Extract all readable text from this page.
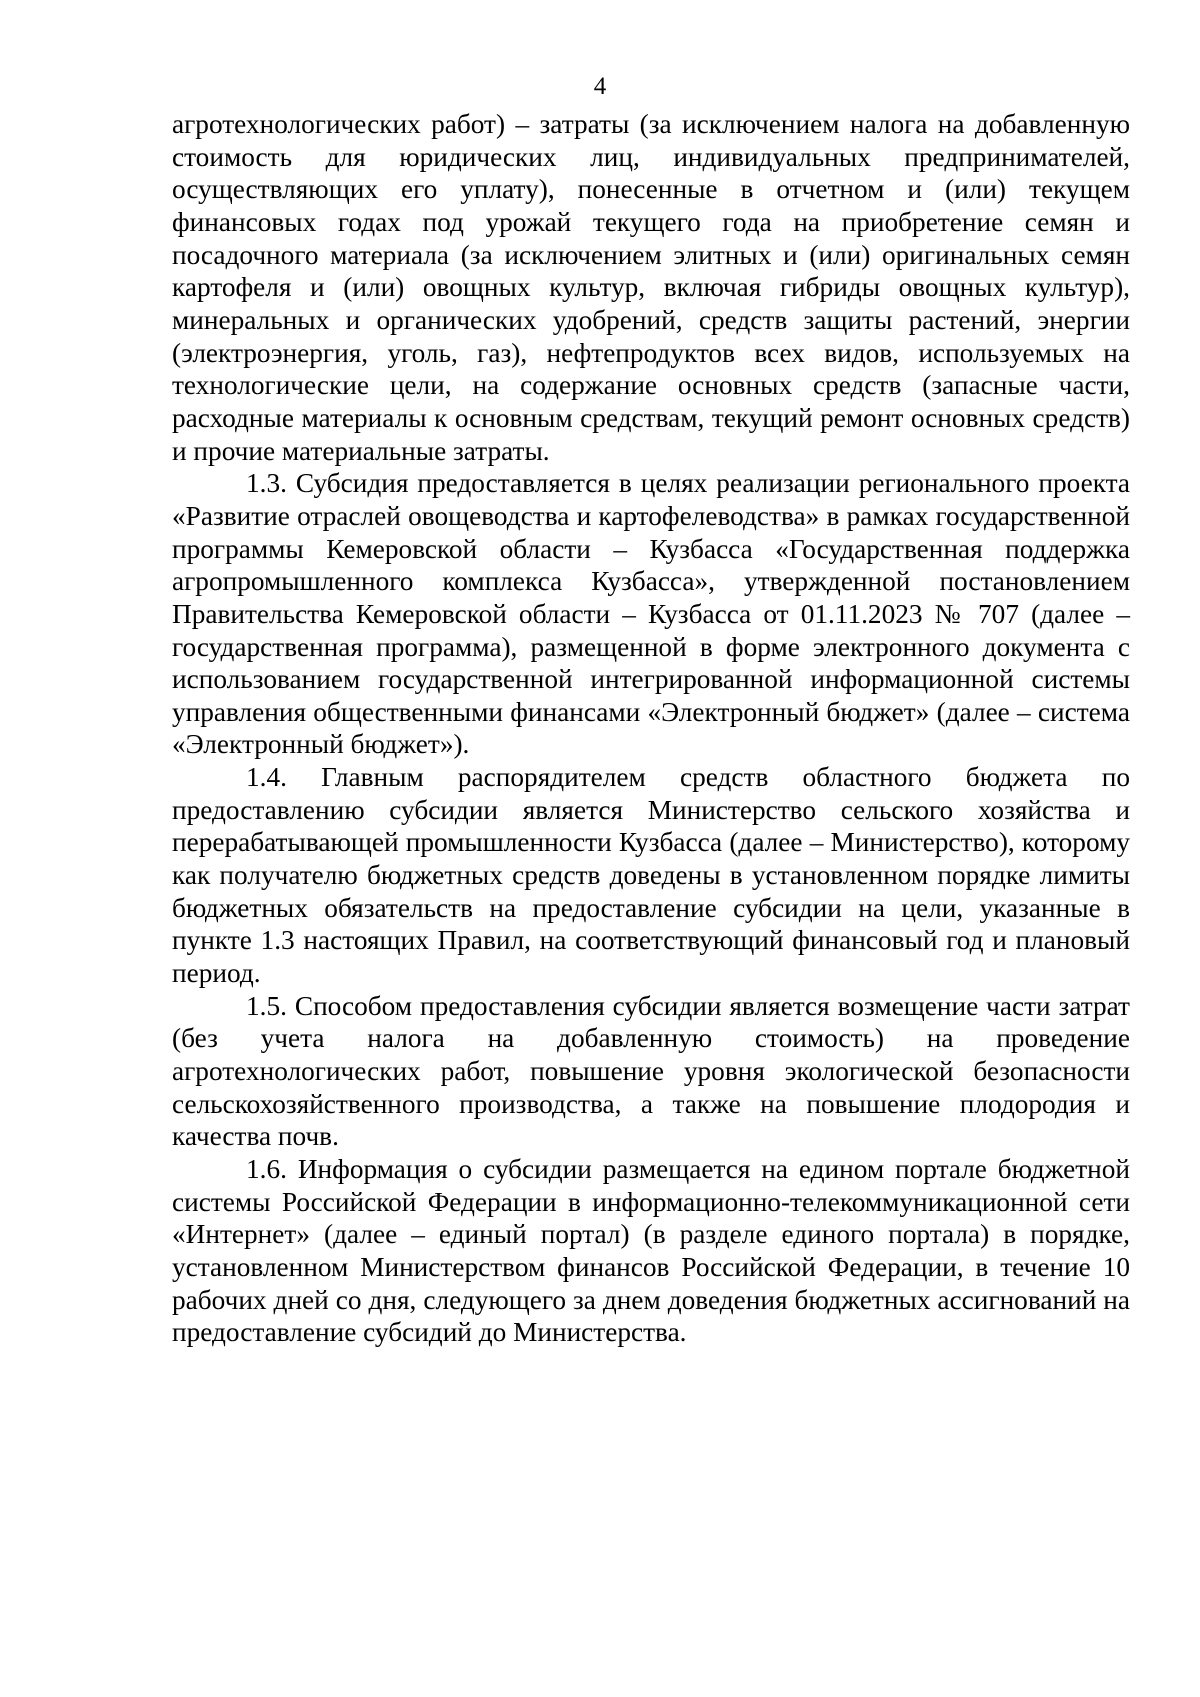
4

агротехнологических работ) – затраты (за исключением налога на добавленную стоимость для юридических лиц, индивидуальных предпринимателей, осуществляющих его уплату), понесенные в отчетном и (или) текущем финансовых годах под урожай текущего года на приобретение семян и посадочного материала (за исключением элитных и (или) оригинальных семян картофеля и (или) овощных культур, включая гибриды овощных культур), минеральных и органических удобрений, средств защиты растений, энергии (электроэнергия, уголь, газ), нефтепродуктов всех видов, используемых на технологические цели, на содержание основных средств (запасные части, расходные материалы к основным средствам, текущий ремонт основных средств) и прочие материальные затраты.

1.3. Субсидия предоставляется в целях реализации регионального проекта «Развитие отраслей овощеводства и картофелеводства» в рамках государственной программы Кемеровской области – Кузбасса «Государственная поддержка агропромышленного комплекса Кузбасса», утвержденной постановлением Правительства Кемеровской области – Кузбасса от 01.11.2023 № 707 (далее – государственная программа), размещенной в форме электронного документа с использованием государственной интегрированной информационной системы управления общественными финансами «Электронный бюджет» (далее – система «Электронный бюджет»).

1.4. Главным распорядителем средств областного бюджета по предоставлению субсидии является Министерство сельского хозяйства и перерабатывающей промышленности Кузбасса (далее – Министерство), которому как получателю бюджетных средств доведены в установленном порядке лимиты бюджетных обязательств на предоставление субсидии на цели, указанные в пункте 1.3 настоящих Правил, на соответствующий финансовый год и плановый период.

1.5. Способом предоставления субсидии является возмещение части затрат (без учета налога на добавленную стоимость) на проведение агротехнологических работ, повышение уровня экологической безопасности сельскохозяйственного производства, а также на повышение плодородия и качества почв.

1.6. Информация о субсидии размещается на едином портале бюджетной системы Российской Федерации в информационно-телекоммуникационной сети «Интернет» (далее – единый портал) (в разделе единого портала) в порядке, установленном Министерством финансов Российской Федерации, в течение 10 рабочих дней со дня, следующего за днем доведения бюджетных ассигнований на предоставление субсидий до Министерства.
